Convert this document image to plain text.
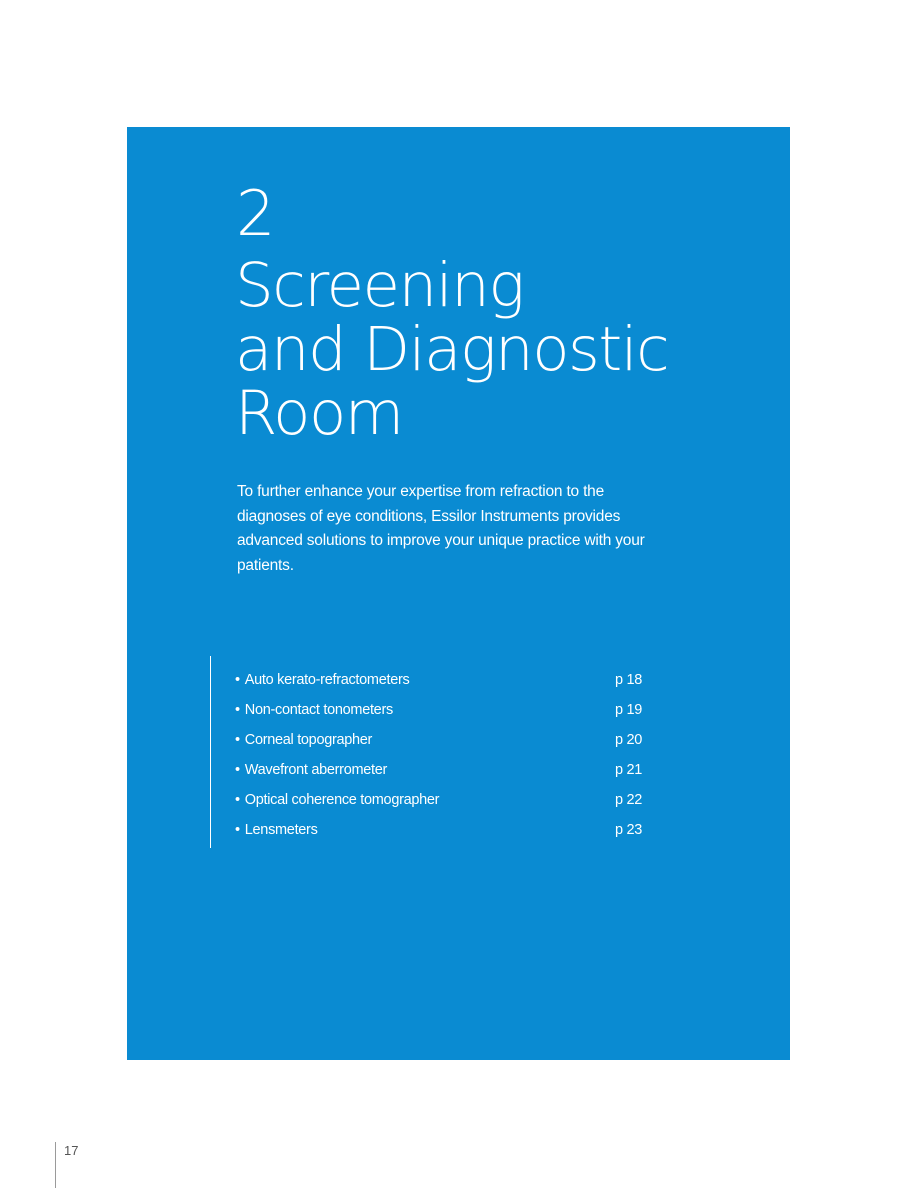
2
Screening
and Diagnostic
Room

To further enhance your expertise from refraction to the diagnoses of eye conditions, Essilor Instruments provides advanced solutions to improve your unique practice with your patients.

• Auto kerato-refractometers	p 18
• Non-contact tonometers	p 19
• Corneal topographer	p 20
• Wavefront aberrometer	p 21
• Optical coherence tomographer	p 22
• Lensmeters	p 23
17
